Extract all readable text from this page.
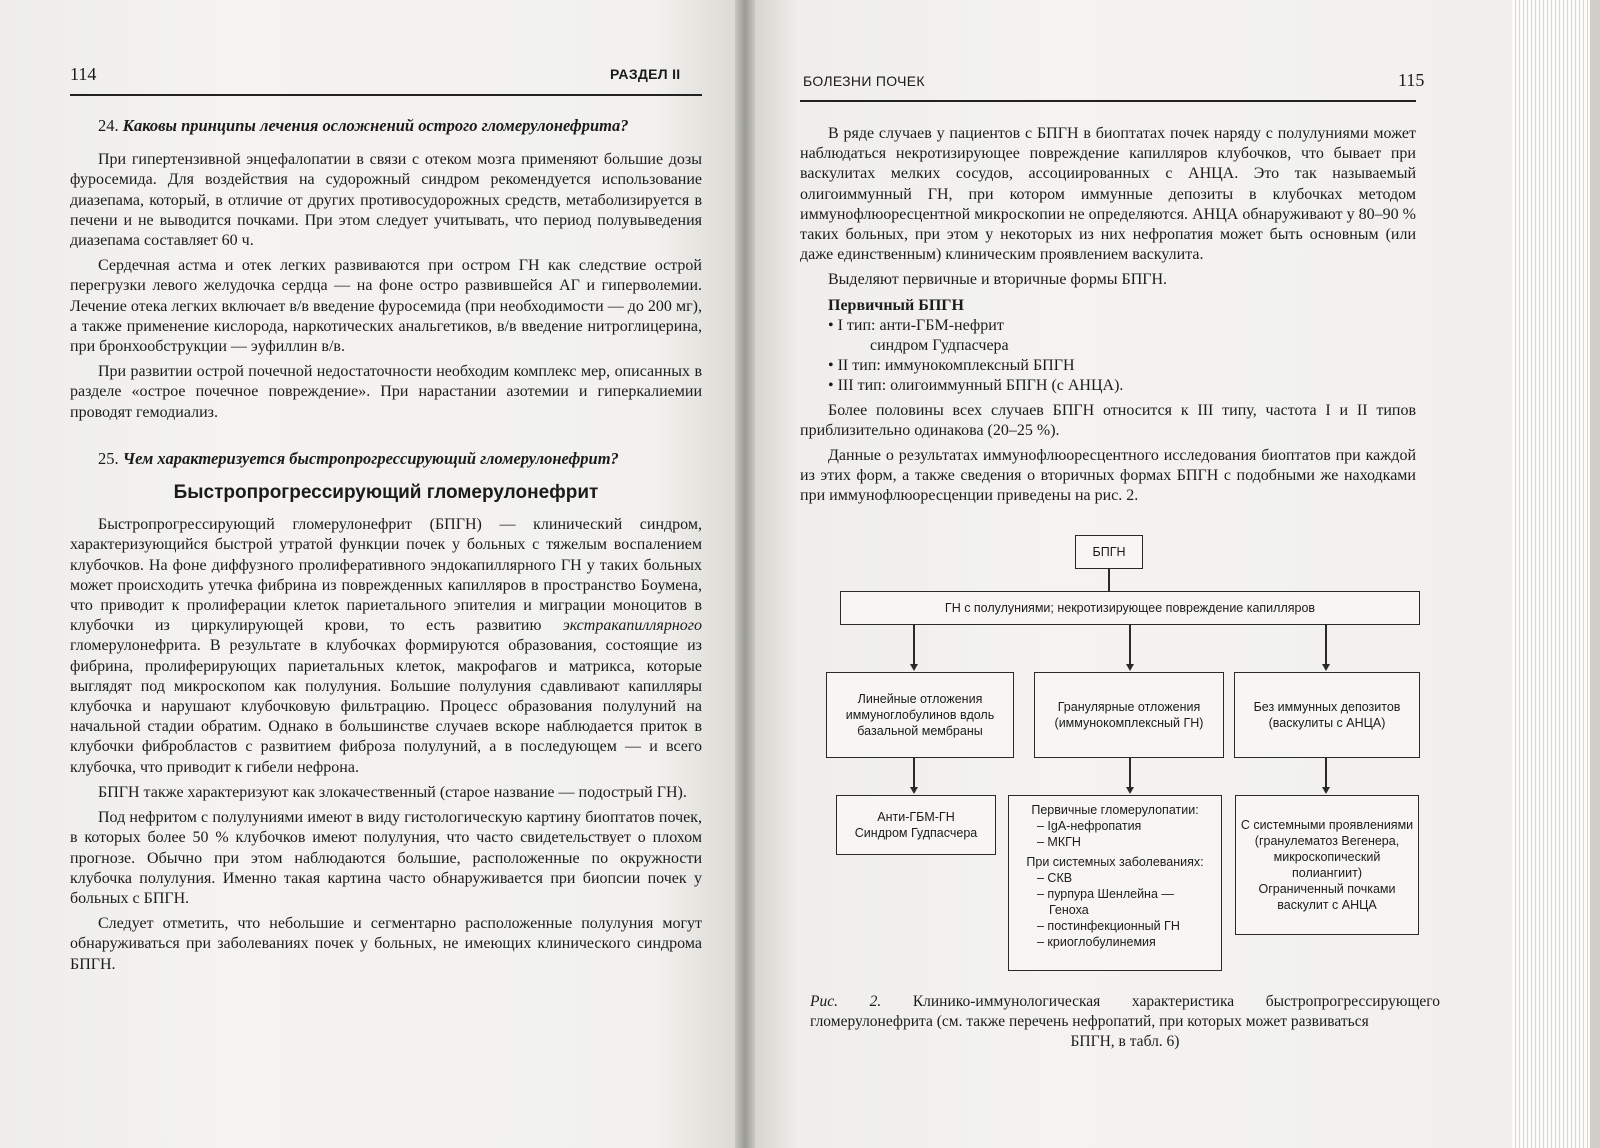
114	РАЗДЕЛ II	БОЛЕЗНИ ПОЧЕК	115
24. Каковы принципы лечения осложнений острого гломерулонефрита?

При гипертензивной энцефалопатии в связи с отеком мозга применяют большие дозы фуросемида. Для воздействия на судорожный синдром рекомендуется использование диазепама, который, в отличие от других противосудорожных средств, метаболизируется в печени и не выводится почками. При этом следует учитывать, что период полувыведения диазепама составляет 60 ч.

Сердечная астма и отек легких развиваются при остром ГН как следствие острой перегрузки левого желудочка сердца — на фоне остро развившейся АГ и гиперволемии. Лечение отека легких включает в/в введение фуросемида (при необходимости — до 200 мг), а также применение кислорода, наркотических анальгетиков, в/в введение нитроглицерина, при бронхообструкции — эуфиллин в/в.

При развитии острой почечной недостаточности необходим комплекс мер, описанных в разделе «острое почечное повреждение». При нарастании азотемии и гиперкалиемии проводят гемодиализ.

25. Чем характеризуется быстропрогрессирующий гломерулонефрит?
Быстропрогрессирующий гломерулонефрит

Быстропрогрессирующий гломерулонефрит (БПГН) — клинический синдром, характеризующийся быстрой утратой функции почек у больных с тяжелым воспалением клубочков. На фоне диффузного пролиферативного эндокапиллярного ГН у таких больных может происходить утечка фибрина из поврежденных капилляров в пространство Боумена, что приводит к пролиферации клеток париетального эпителия и миграции моноцитов в клубочки из циркулирующей крови, то есть развитию экстракапиллярного гломерулонефрита. В результате в клубочках формируются образования, состоящие из фибрина, пролиферирующих париетальных клеток, макрофагов и матрикса, которые выглядят под микроскопом как полулуния. Большие полулуния сдавливают капилляры клубочка и нарушают клубочковую фильтрацию. Процесс образования полулуний на начальной стадии обратим. Однако в большинстве случаев вскоре наблюдается приток в клубочки фибробластов с развитием фиброза полулуний, а в последующем — и всего клубочка, что приводит к гибели нефрона.

БПГН также характеризуют как злокачественный (старое название — подострый ГН).

Под нефритом с полулуниями имеют в виду гистологическую картину биоптатов почек, в которых более 50 % клубочков имеют полулуния, что часто свидетельствует о плохом прогнозе. Обычно при этом наблюдаются большие, расположенные по окружности клубочка полулуния. Именно такая картина часто обнаруживается при биопсии почек у больных с БПГН.

Следует отметить, что небольшие и сегментарно расположенные полулуния могут обнаруживаться при заболеваниях почек у больных, не имеющих клинического синдрома БПГН.

В ряде случаев у пациентов с БПГН в биоптатах почек наряду с полулуниями может наблюдаться некротизирующее повреждение капилляров клубочков, что бывает при васкулитах мелких сосудов, ассоциированных с АНЦА. Это так называемый олигоиммунный ГН, при котором иммунные депозиты в клубочках методом иммунофлюоресцентной микроскопии не определяются. АНЦА обнаруживают у 80–90 % таких больных, при этом у некоторых из них нефропатия может быть основным (или даже единственным) клиническим проявлением васкулита.

Выделяют первичные и вторичные формы БПГН.

Первичный БПГН
• I тип: анти-ГБМ-нефрит
синдром Гудпасчера
• II тип: иммунокомплексный БПГН
• III тип: олигоиммунный БПГН (с АНЦА).

Более половины всех случаев БПГН относится к III типу, частота I и II типов приблизительно одинакова (20–25 %).

Данные о результатах иммунофлюоресцентного исследования биоптатов при каждой из этих форм, а также сведения о вторичных формах БПГН с подобными же находками при иммунофлюоресценции приведены на рис. 2.

БПГН
ГН с полулуниями; некротизирующее повреждение капилляров
Линейные отложения иммуноглобулинов вдоль базальной мембраны
Гранулярные отложения (иммунокомплексный ГН)
Без иммунных депозитов (васкулиты с АНЦА)
Анти-ГБМ-ГН
Синдром Гудпасчера
Первичные гломерулопатии:
– IgA-нефропатия
– МКГН
При системных заболеваниях:
– СКВ
– пурпура Шенлейна —
Геноха
– постинфекционный ГН
– криоглобулинемия
С системными проявлениями
(гранулематоз Вегенера, микроскопический полиангиит)
Ограниченный почками васкулит с АНЦА
Рис. 2. Клинико-иммунологическая характеристика быстропрогрессирующего гломерулонефрита (см. также перечень нефропатий, при которых может развиваться
БПГН, в табл. 6)
